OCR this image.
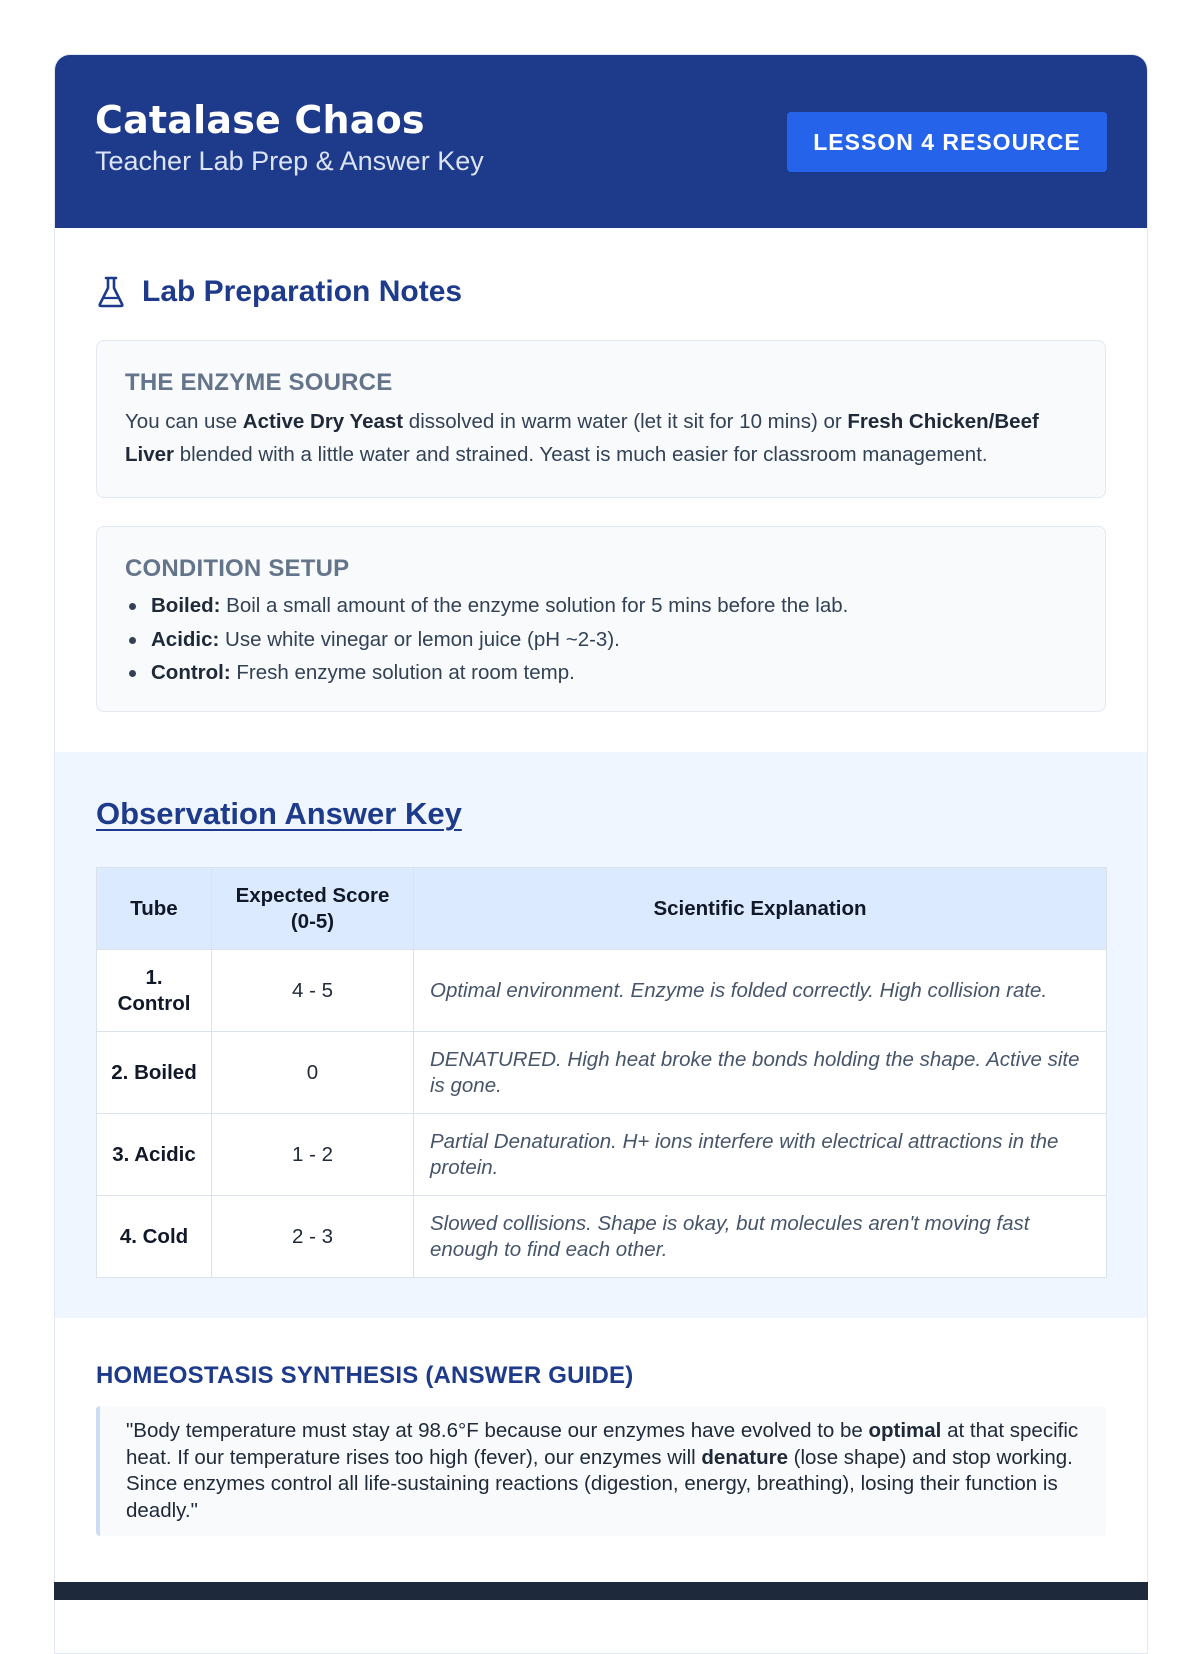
Catalase Chaos
Teacher Lab Prep & Answer Key
LESSON 4 RESOURCE
Lab Preparation Notes
THE ENZYME SOURCE

You can use Active Dry Yeast dissolved in warm water (let it sit for 10 mins) or Fresh Chicken/Beef Liver blended with a little water and strained. Yeast is much easier for classroom management.

CONDITION SETUP
Boiled: Boil a small amount of the enzyme solution for 5 mins before the lab.
Acidic: Use white vinegar or lemon juice (pH ~2-3).
Control: Fresh enzyme solution at room temp.
Observation Answer Key
Tube	Expected Score (0-5)	Scientific Explanation
1. Control	4 - 5	Optimal environment. Enzyme is folded correctly. High collision rate.
2. Boiled	0	DENATURED. High heat broke the bonds holding the shape. Active site is gone.
3. Acidic	1 - 2	Partial Denaturation. H+ ions interfere with electrical attractions in the protein.
4. Cold	2 - 3	Slowed collisions. Shape is okay, but molecules aren't moving fast enough to find each other.
HOMEOSTASIS SYNTHESIS (ANSWER GUIDE)
"Body temperature must stay at 98.6°F because our enzymes have evolved to be optimal at that specific heat. If our temperature rises too high (fever), our enzymes will denature (lose shape) and stop working. Since enzymes control all life-sustaining reactions (digestion, energy, breathing), losing their function is deadly."
